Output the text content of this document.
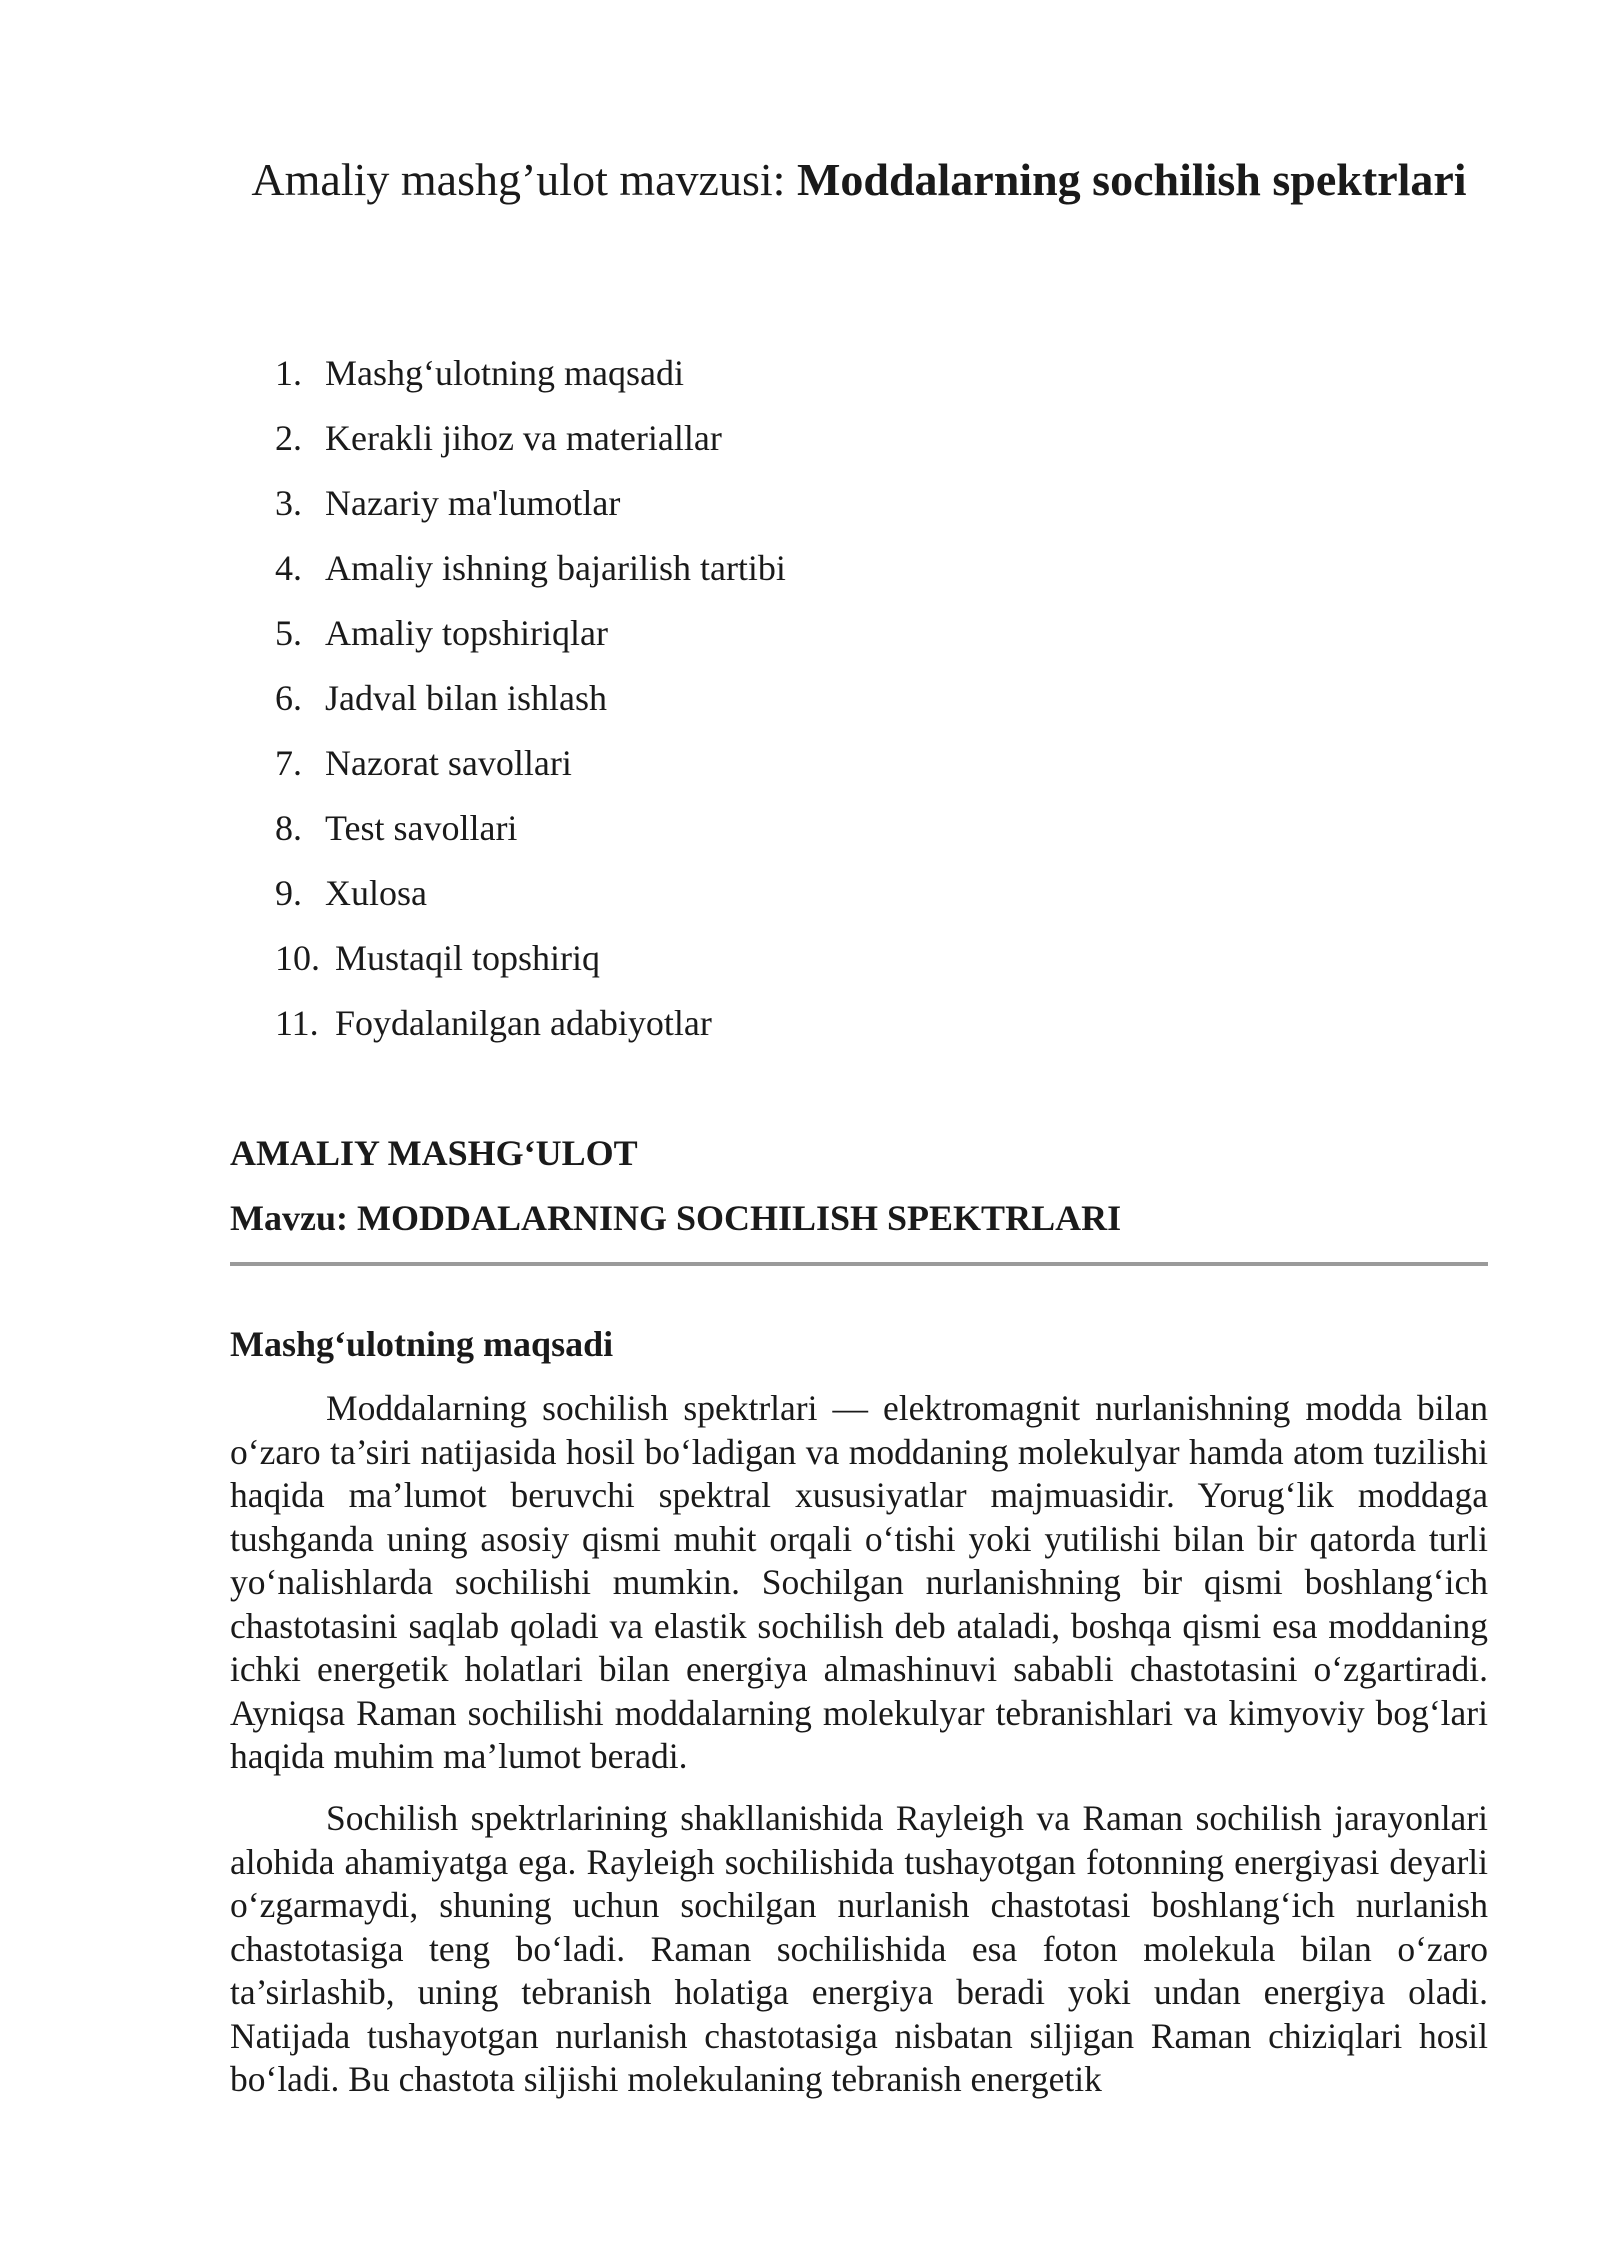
Amaliy mashg’ulot mavzusi: Moddalarning sochilish spektrlari
1. Mashg‘ulotning maqsadi
2. Kerakli jihoz va materiallar
3. Nazariy ma'lumotlar
4. Amaliy ishning bajarilish tartibi
5. Amaliy topshiriqlar
6. Jadval bilan ishlash
7. Nazorat savollari
8. Test savollari
9. Xulosa
10. Mustaqil topshiriq
11. Foydalanilgan adabiyotlar
AMALIY MASHG‘ULOT
Mavzu: MODDALARNING SOCHILISH SPEKTRLARI
Mashg‘ulotning maqsadi

Moddalarning sochilish spektrlari — elektromagnit nurlanishning modda bilan o‘zaro ta’siri natijasida hosil bo‘ladigan va moddaning molekulyar hamda atom tuzilishi haqida ma’lumot beruvchi spektral xususiyatlar majmuasidir. Yorug‘lik moddaga tushganda uning asosiy qismi muhit orqali o‘tishi yoki yutilishi bilan bir qatorda turli yo‘nalishlarda sochilishi mumkin. Sochilgan nurlanishning bir qismi boshlang‘ich chastotasini saqlab qoladi va elastik sochilish deb ataladi, boshqa qismi esa moddaning ichki energetik holatlari bilan energiya almashinuvi sababli chastotasini o‘zgartiradi. Ayniqsa Raman sochilishi moddalarning molekulyar tebranishlari va kimyoviy bog‘lari haqida muhim ma’lumot beradi.

Sochilish spektrlarining shakllanishida Rayleigh va Raman sochilish jarayonlari alohida ahamiyatga ega. Rayleigh sochilishida tushayotgan fotonning energiyasi deyarli o‘zgarmaydi, shuning uchun sochilgan nurlanish chastotasi boshlang‘ich nurlanish chastotasiga teng bo‘ladi. Raman sochilishida esa foton molekula bilan o‘zaro ta’sirlashib, uning tebranish holatiga energiya beradi yoki undan energiya oladi. Natijada tushayotgan nurlanish chastotasiga nisbatan siljigan Raman chiziqlari hosil bo‘ladi. Bu chastota siljishi molekulaning tebranish energetik
